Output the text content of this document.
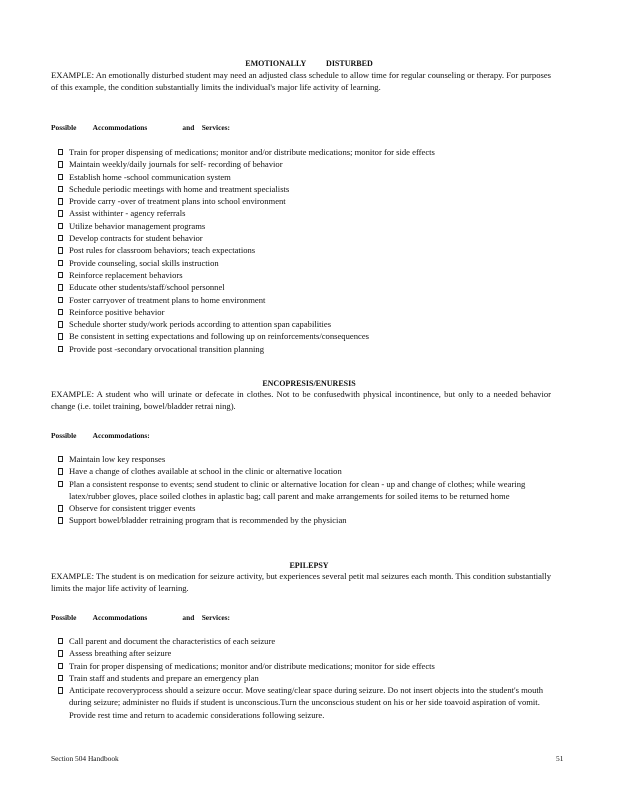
EMOTIONALLY          DISTURBED
EXAMPLE: An emotionally disturbed student may need an adjusted class schedule to allow time for regular counseling or therapy. For purposes of this example, the condition substantially limits the individual's major life activity of learning.
Possible         Accommodations                   and    Services:
Train for proper dispensing of medications; monitor and/or distribute medications; monitor for side effects
Maintain weekly/daily journals for self- recording of behavior
Establish home -school communication system
Schedule periodic meetings with home and treatment specialists
Provide carry -over of treatment plans into school environment
Assist withinter - agency referrals
Utilize behavior management programs
Develop contracts for student behavior
Post rules for classroom behaviors; teach expectations
Provide counseling, social skills instruction
Reinforce replacement behaviors
Educate other students/staff/school personnel
Foster carryover of treatment plans to home environment
Reinforce positive behavior
Schedule shorter study/work periods according to attention span capabilities
Be consistent in setting expectations and following up on reinforcements/consequences
Provide post -secondary orvocational transition planning
ENCOPRESIS/ENURESIS
EXAMPLE: A student who will urinate or defecate in clothes. Not to be confusedwith physical incontinence, but only to a needed behavior change (i.e. toilet training, bowel/bladder retrai ning).
Possible         Accommodations:
Maintain low key responses
Have a change of clothes available at school in the clinic or alternative location
Plan a consistent response to events; send student to clinic or alternative location for clean - up and change of clothes; while wearing latex/rubber gloves, place soiled clothes in aplastic bag; call parent and make arrangements for soiled items to be returned home
Observe for consistent trigger events
Support bowel/bladder retraining program that is recommended by the physician
EPILEPSY
EXAMPLE: The student is on medication for seizure activity, but experiences several petit mal seizures each month. This condition substantially limits the major life activity of learning.
Possible         Accommodations                   and    Services:
Call parent and document the characteristics of each seizure
Assess breathing after seizure
Train for proper dispensing of medications; monitor and/or distribute medications; monitor for side effects
Train staff and students and prepare an emergency plan
Anticipate recoveryprocess should a seizure occur. Move seating/clear space during seizure. Do not insert objects into the student's mouth during seizure; administer no fluids if student is unconscious.Turn the unconscious student on his or her side toavoid aspiration of vomit. Provide rest time and return to academic considerations following seizure.
Section 504 Handbook	51
